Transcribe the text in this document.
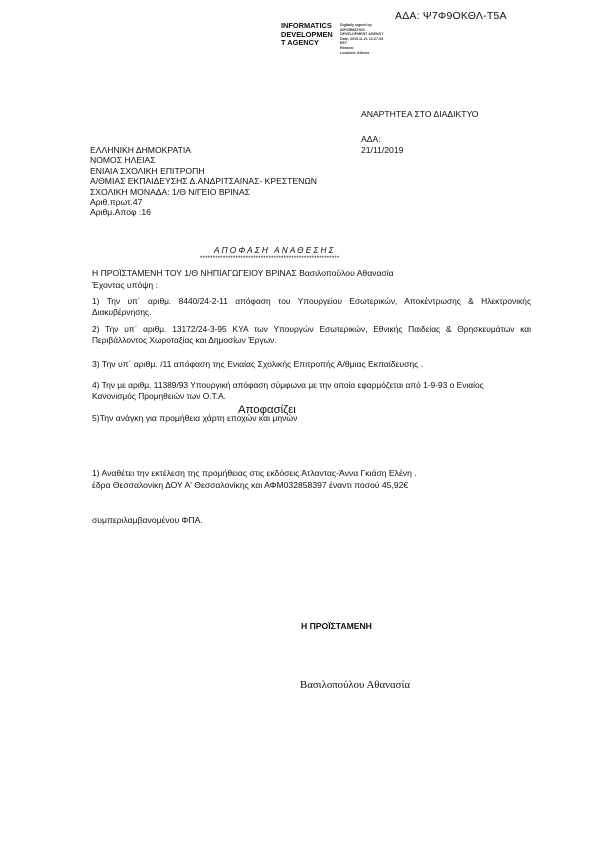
ΑΔΑ: Ψ7Φ9ΟΚΘΛ-Τ5Α
INFORMATICS
DEVELOPMEN
T AGENCY
Digitally signed by
INFORMATICS
DEVELOPMENT AGENCY
Date: 2019.11.21 12:27:33
EET
Reason:
Location: Athens
ΑΝΑΡΤΗΤΕΑ ΣΤΟ ΔΙΑΔΙΚΤΥΟ
ΑΔΑ:
21/11/2019
ΕΛΛΗΝΙΚΗ ΔΗΜΟΚΡΑΤΙΑ
ΝΟΜΟΣ ΗΛΕΙΑΣ
ΕΝΙΑΙΑ ΣΧΟΛΙΚΗ ΕΠΙΤΡΟΠΗ
Α/ΘΜΙΑΣ ΕΚΠΑΙΔΕΥΣΗΣ Δ.ΑΝΔΡΙΤΣΑΙΝΑΣ- ΚΡΕΣΤΕΝΩΝ
ΣΧΟΛΙΚΗ ΜΟΝΑΔΑ: 1/Θ Ν/ΓΕΙΟ ΒΡΙΝΑΣ
Αριθ.πρωτ.47
Αριθμ.Αποφ :16
ΑΠΟΦΑΣΗ ΑΝΑΘΕΣΗΣ
*******************************************************
Η ΠΡΟΪΣΤΑΜΕΝΗ ΤΟΥ 1/Θ ΝΗΠΙΑΓΩΓΕΙΟΥ ΒΡΙΝΑΣ Βασιλοπούλου Αθανασία
Έχοντας υπόψη :
1) Την υπ΄ αριθμ. 8440/24-2-11 απόφαση του Υπουργείου Εσωτερικών, Αποκέντρωσης & Ηλεκτρονικής Διακυβέρνησης.
2) Την υπ΄ αριθμ. 13172/24-3-95 ΚΥΑ των Υπουργών Εσωτερικών, Εθνικής Παιδείας & Θρησκευμάτων και Περιβάλλοντος Χωροταξίας και Δημοσίων Έργων.
3) Την υπ΄ αριθμ. /11 απόφαση της Ενιαίας Σχολικής Επιτροπής Α/θμιας Εκπαίδευσης .
4) Την με αριθμ. 11389/93 Υπουργική απόφαση σύμφωνα με την οποία εφαρμόζεται από 1-9-93 ο Ενιαίος Κανονισμός Προμηθειών των Ο.Τ.Α.
5)Την ανάγκη για προμήθεια χάρτη εποχών και μηνών
Αποφασίζει
1) Αναθέτει την εκτέλεση της προμήθειας στις εκδόσεις Άτλαντας-Άννα Γκιάση Ελένη .
έδρα Θεσσαλονίκη ΔΟΥ Α' Θεσσαλονίκης και ΑΦΜ032858397 έναντι ποσού 45,92€
συμπεριλαμβανομένου ΦΠΑ.
Η ΠΡΟΪΣΤΑΜΕΝΗ
Βασιλοπούλου Αθανασία
